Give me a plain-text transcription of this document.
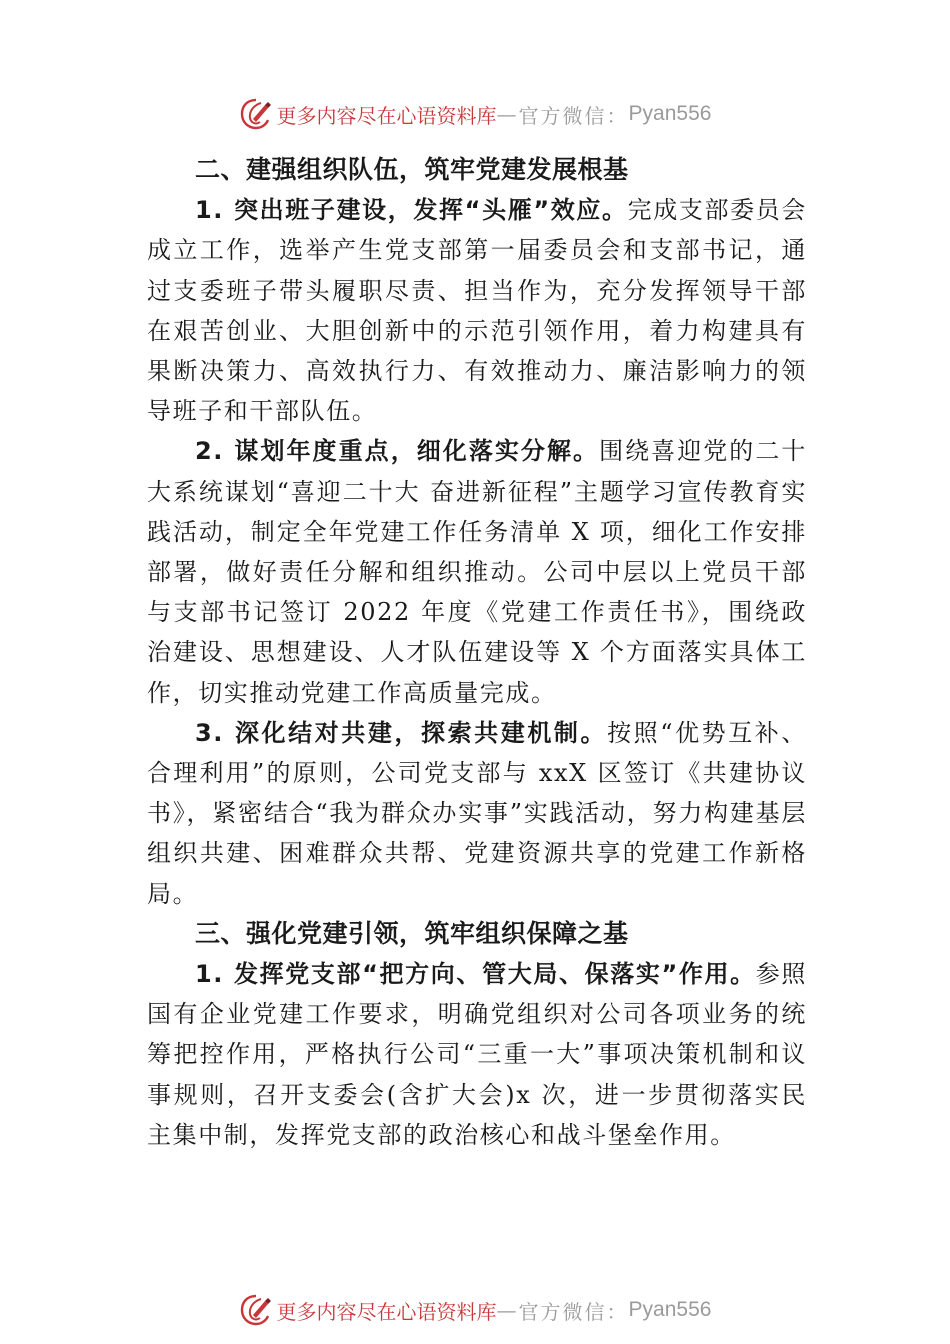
更多内容尽在心语资料库 — 官方微信： Pyan556
二、建强组织队伍，筑牢党建发展根基

1. 突出班子建设，发挥“头雁”效应。完成支部委员会成立工作，选举产生党支部第一届委员会和支部书记，通过支委班子带头履职尽责、担当作为，充分发挥领导干部在艰苦创业、大胆创新中的示范引领作用，着力构建具有果断决策力、高效执行力、有效推动力、廉洁影响力的领导班子和干部队伍。

2. 谋划年度重点，细化落实分解。围绕喜迎党的二十大系统谋划“喜迎二十大 奋进新征程”主题学习宣传教育实践活动，制定全年党建工作任务清单 X 项，细化工作安排部署，做好责任分解和组织推动。公司中层以上党员干部与支部书记签订 2022 年度《党建工作责任书》，围绕政治建设、思想建设、人才队伍建设等 X 个方面落实具体工作，切实推动党建工作高质量完成。

3. 深化结对共建，探索共建机制。按照“优势互补、合理利用”的原则，公司党支部与 xxX 区签订《共建协议书》，紧密结合“我为群众办实事”实践活动，努力构建基层组织共建、困难群众共帮、党建资源共享的党建工作新格局。

三、强化党建引领，筑牢组织保障之基

1. 发挥党支部“把方向、管大局、保落实”作用。参照国有企业党建工作要求，明确党组织对公司各项业务的统筹把控作用，严格执行公司“三重一大”事项决策机制和议事规则，召开支委会(含扩大会)x 次，进一步贯彻落实民主集中制，发挥党支部的政治核心和战斗堡垒作用。

更多内容尽在心语资料库 — 官方微信： Pyan556
